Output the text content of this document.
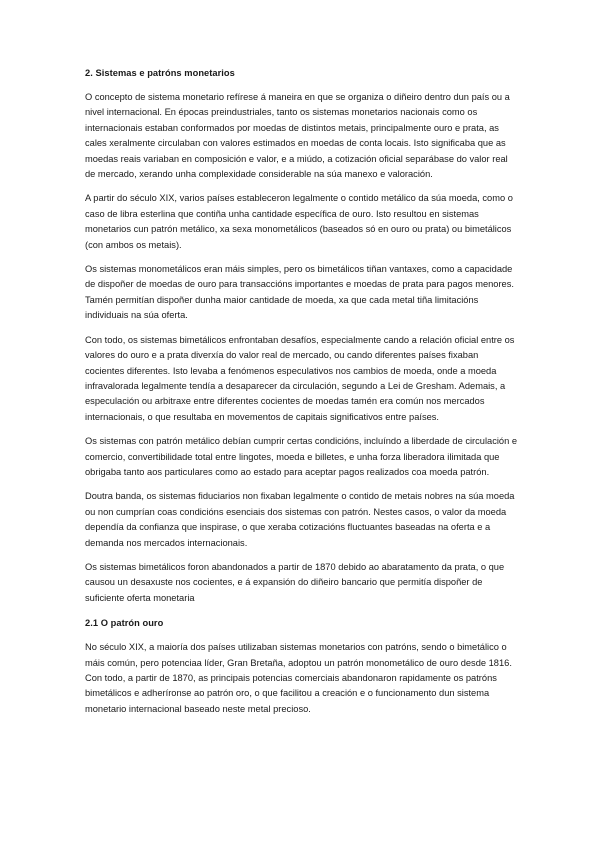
2. Sistemas e patróns monetarios

O concepto de sistema monetario refírese á maneira en que se organiza o diñeiro dentro dun país ou a nivel internacional. En épocas preindustriales, tanto os sistemas monetarios nacionais como os internacionais estaban conformados por moedas de distintos metais, principalmente ouro e prata, as cales xeralmente circulaban con valores estimados en moedas de conta locais. Isto significaba que as moedas reais variaban en composición e valor, e a miúdo, a cotización oficial separábase do valor real de mercado, xerando unha complexidade considerable na súa manexo e valoración.

A partir do século XIX, varios países estableceron legalmente o contido metálico da súa moeda, como o caso de libra esterlina que contiña unha cantidade específica de ouro. Isto resultou en sistemas monetarios cun patrón metálico, xa sexa monometálicos (baseados só en ouro ou prata) ou bimetálicos (con ambos os metais).

Os sistemas monometálicos eran máis simples, pero os bimetálicos tiñan vantaxes, como a capacidade de dispoñer de moedas de ouro para transaccións importantes e moedas de prata para pagos menores. Tamén permitían dispoñer dunha maior cantidade de moeda, xa que cada metal tiña limitacións individuais na súa oferta.

Con todo, os sistemas bimetálicos enfrontaban desafíos, especialmente cando a relación oficial entre os valores do ouro e a prata diverxía do valor real de mercado, ou cando diferentes países fixaban cocientes diferentes. Isto levaba a fenómenos especulativos nos cambios de moeda, onde a moeda infravalorada legalmente tendía a desaparecer da circulación, segundo a Lei de Gresham. Ademais, a especulación ou arbitraxe entre diferentes cocientes de moedas tamén era común nos mercados internacionais, o que resultaba en movementos de capitais significativos entre países.

Os sistemas con patrón metálico debían cumprir certas condicións, incluíndo a liberdade de circulación e comercio, convertibilidade total entre lingotes, moeda e billetes, e unha forza liberadora ilimitada que obrigaba tanto aos particulares como ao estado para aceptar pagos realizados coa moeda patrón.

Doutra banda, os sistemas fiduciarios non fixaban legalmente o contido de metais nobres na súa moeda ou non cumprían coas condicións esenciais dos sistemas con patrón. Nestes casos, o valor da moeda dependía da confianza que inspirase, o que xeraba cotizacións fluctuantes baseadas na oferta e a demanda nos mercados internacionais.

Os sistemas bimetálicos foron abandonados a partir de 1870 debido ao abaratamento da prata, o que causou un desaxuste nos cocientes, e á expansión do diñeiro bancario que permitía dispoñer de suficiente oferta monetaria

2.1 O patrón ouro

No século XIX, a maioría dos países utilizaban sistemas monetarios con patróns, sendo o bimetálico o máis común, pero potenciaa líder, Gran Bretaña, adoptou un patrón monometálico de ouro desde 1816. Con todo, a partir de 1870, as principais potencias comerciais abandonaron rapidamente os patróns bimetálicos e adheríronse ao patrón oro, o que facilitou a creación e o funcionamento dun sistema monetario internacional baseado neste metal precioso.
